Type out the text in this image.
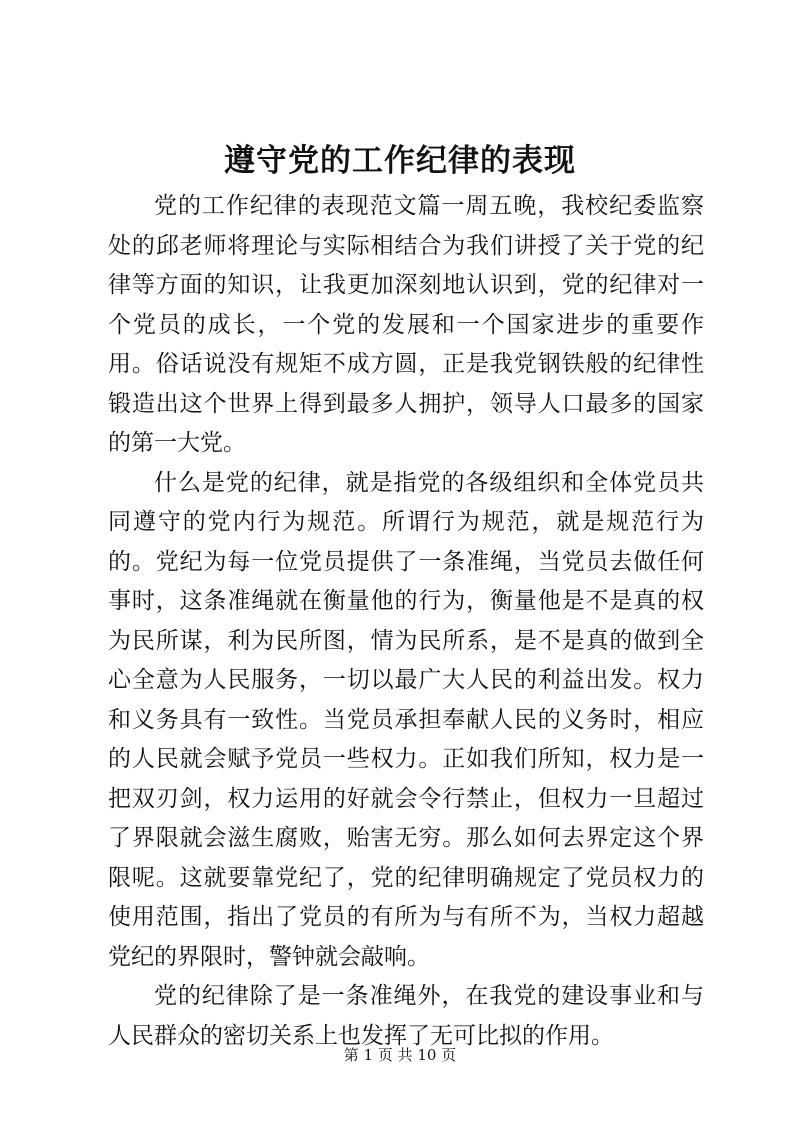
遵守党的工作纪律的表现

党的工作纪律的表现范文篇一周五晚，我校纪委监察处的邱老师将理论与实际相结合为我们讲授了关于党的纪律等方面的知识，让我更加深刻地认识到，党的纪律对一个党员的成长，一个党的发展和一个国家进步的重要作用。俗话说没有规矩不成方圆，正是我党钢铁般的纪律性锻造出这个世界上得到最多人拥护，领导人口最多的国家的第一大党。

什么是党的纪律，就是指党的各级组织和全体党员共同遵守的党内行为规范。所谓行为规范，就是规范行为的。党纪为每一位党员提供了一条准绳，当党员去做任何事时，这条准绳就在衡量他的行为，衡量他是不是真的权为民所谋，利为民所图，情为民所系，是不是真的做到全心全意为人民服务，一切以最广大人民的利益出发。权力和义务具有一致性。当党员承担奉献人民的义务时，相应的人民就会赋予党员一些权力。正如我们所知，权力是一把双刃剑，权力运用的好就会令行禁止，但权力一旦超过了界限就会滋生腐败，贻害无穷。那么如何去界定这个界限呢。这就要靠党纪了，党的纪律明确规定了党员权力的使用范围，指出了党员的有所为与有所不为，当权力超越党纪的界限时，警钟就会敲响。

党的纪律除了是一条准绳外，在我党的建设事业和与人民群众的密切关系上也发挥了无可比拟的作用。

第 1 页 共 10 页
